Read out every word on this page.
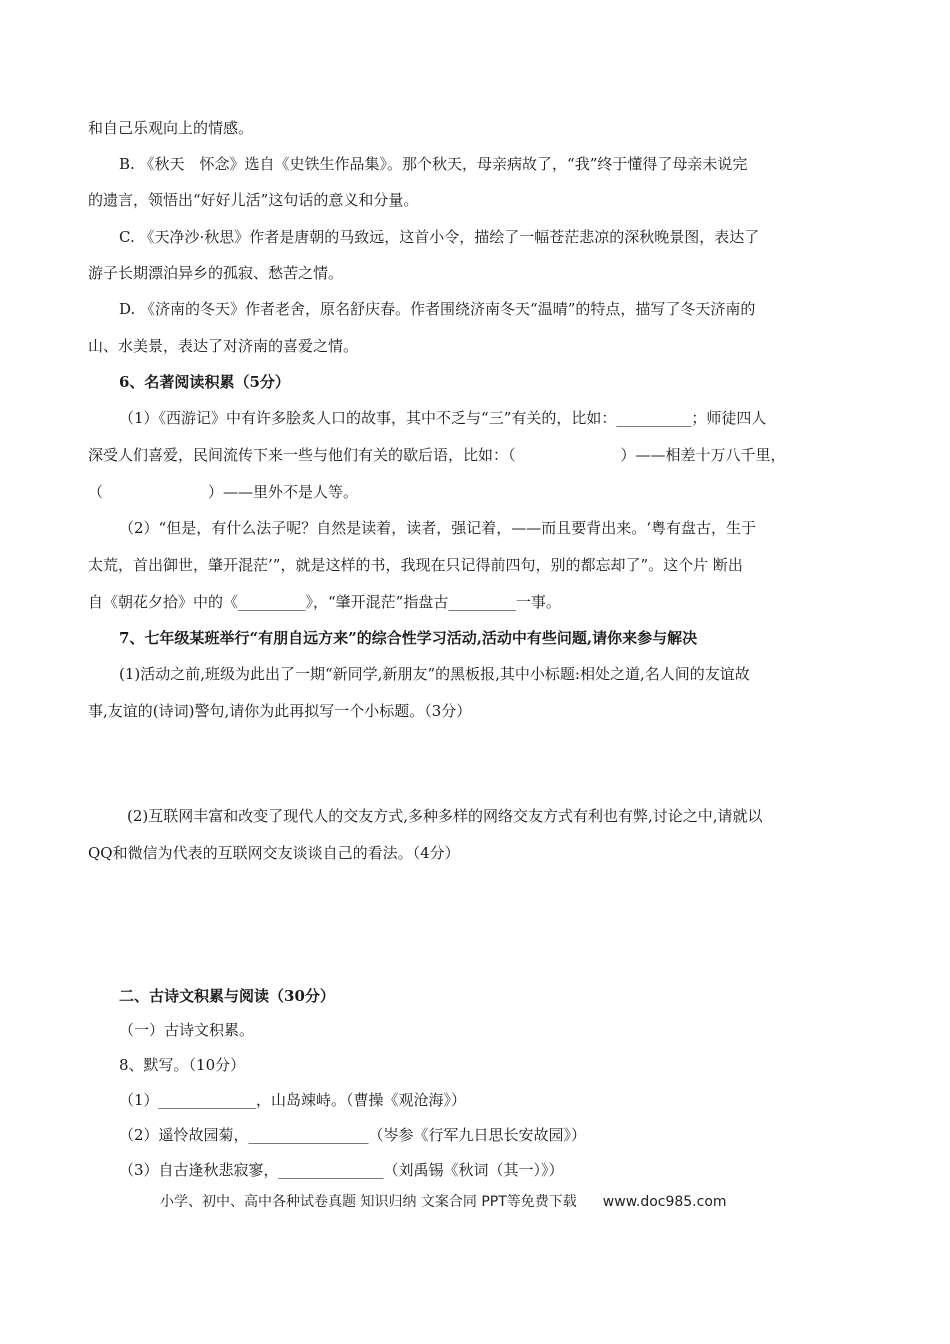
和自己乐观向上的情感。
B. 《秋天　怀念》选自《史铁生作品集》。那个秋天，母亲病故了，“我”终于懂得了母亲未说完
的遗言，领悟出“好好儿活”这句话的意义和分量。
C. 《天净沙·秋思》作者是唐朝的马致远，这首小令，描绘了一幅苍茫悲凉的深秋晚景图，表达了
游子长期漂泊异乡的孤寂、愁苦之情。
D. 《济南的冬天》作者老舍，原名舒庆春。作者围绕济南冬天“温晴”的特点，描写了冬天济南的
山、水美景，表达了对济南的喜爱之情。
6、名著阅读积累（5分）
（1）《西游记》中有许多脍炙人口的故事，其中不乏与“三”有关的，比如：__________；师徒四人
深受人们喜爱，民间流传下来一些与他们有关的歇后语，比如：（　　　　　　　）——相差十万八千里，
（　　　　　　　）——里外不是人等。
（2）“但是，有什么法子呢？自然是读着，读者，强记着，——而且要背出来。‘粤有盘古，生于
太荒，首出御世，肇开混茫’”，就是这样的书，我现在只记得前四句，别的都忘却了”。这个片 断出
自《朝花夕拾》中的《_________》，“肇开混茫”指盘古_________一事。
7、七年级某班举行“有朋自远方来”的综合性学习活动,活动中有些问题,请你来参与解决
(1)活动之前,班级为此出了一期“新同学,新朋友”的黑板报,其中小标题:相处之道,名人间的友谊故
事,友谊的(诗词)警句,请你为此再拟写一个小标题。（3分）
(2)互联网丰富和改变了现代人的交友方式,多种多样的网络交友方式有利也有弊,讨论之中,请就以
QQ和微信为代表的互联网交友谈谈自己的看法。（4分）
二、古诗文积累与阅读（30分）
（一）古诗文积累。
8、默写。（10分）
（1）_____________，山岛竦峙。（曹操《观沧海》）
（2）遥怜故园菊，________________（岑参《行军九日思长安故园》）
（3）自古逢秋悲寂寥，______________（刘禹锡《秋词（其一）》）
小学、初中、高中各种试卷真题 知识归纳 文案合同 PPT等免费下载 www.doc985.com
